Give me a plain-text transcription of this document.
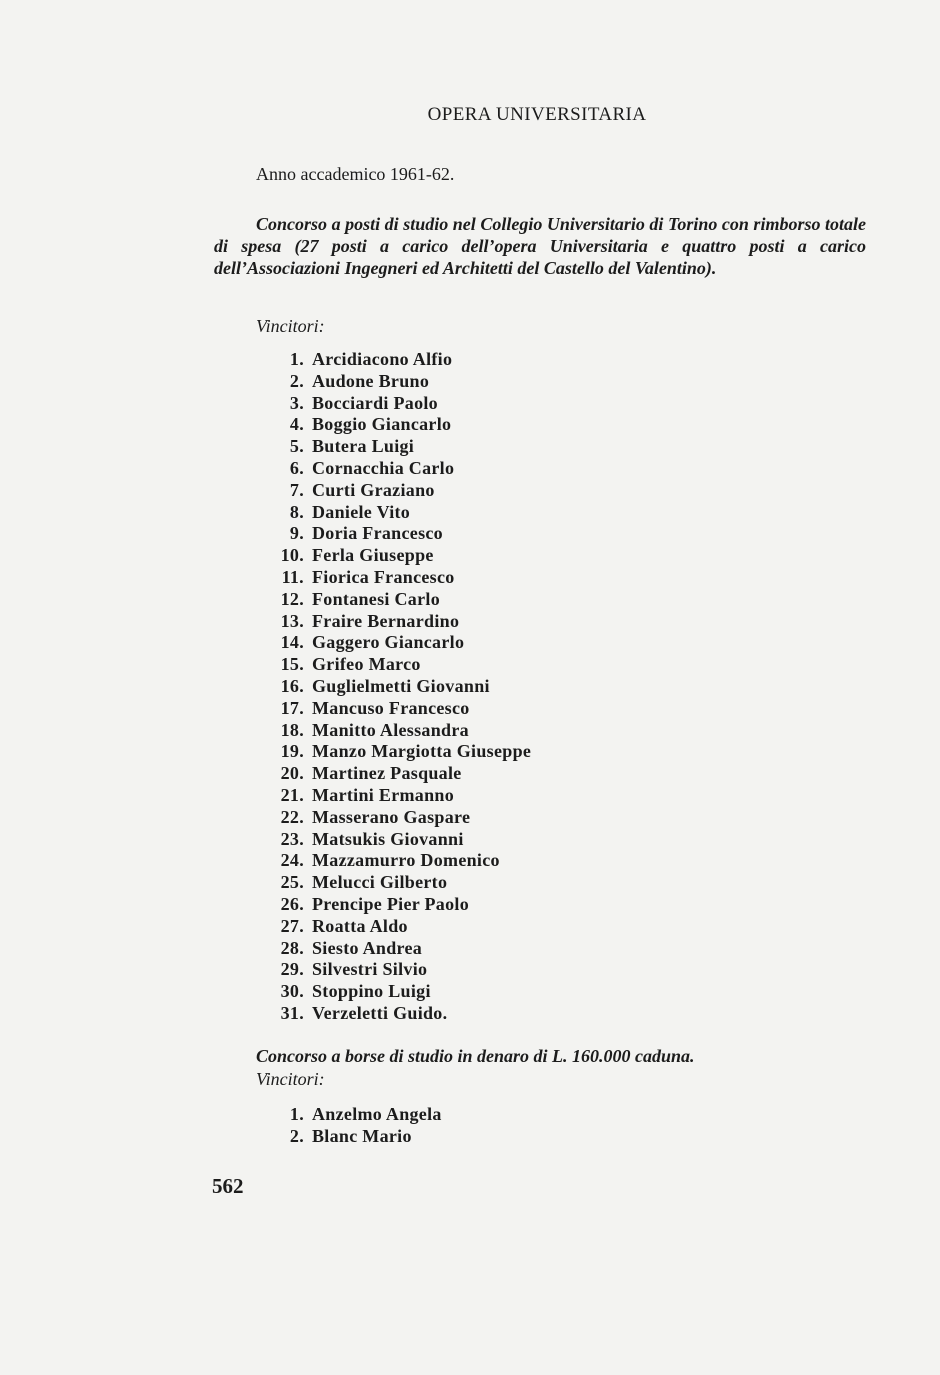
OPERA UNIVERSITARIA
Anno accademico 1961-62.
Concorso a posti di studio nel Collegio Universitario di Torino con rimborso totale di spesa (27 posti a carico dell’opera Universitaria e quattro posti a carico dell’Associazioni Ingegneri ed Architetti del Castello del Valentino).
Vincitori:
1. Arcidiacono Alfio
2. Audone Bruno
3. Bocciardi Paolo
4. Boggio Giancarlo
5. Butera Luigi
6. Cornacchia Carlo
7. Curti Graziano
8. Daniele Vito
9. Doria Francesco
10. Ferla Giuseppe
11. Fiorica Francesco
12. Fontanesi Carlo
13. Fraire Bernardino
14. Gaggero Giancarlo
15. Grifeo Marco
16. Guglielmetti Giovanni
17. Mancuso Francesco
18. Manitto Alessandra
19. Manzo Margiotta Giuseppe
20. Martinez Pasquale
21. Martini Ermanno
22. Masserano Gaspare
23. Matsukis Giovanni
24. Mazzamurro Domenico
25. Melucci Gilberto
26. Prencipe Pier Paolo
27. Roatta Aldo
28. Siesto Andrea
29. Silvestri Silvio
30. Stoppino Luigi
31. Verzeletti Guido.
Concorso a borse di studio in denaro di L. 160.000 caduna.
Vincitori:
1. Anzelmo Angela
2. Blanc Mario
562
